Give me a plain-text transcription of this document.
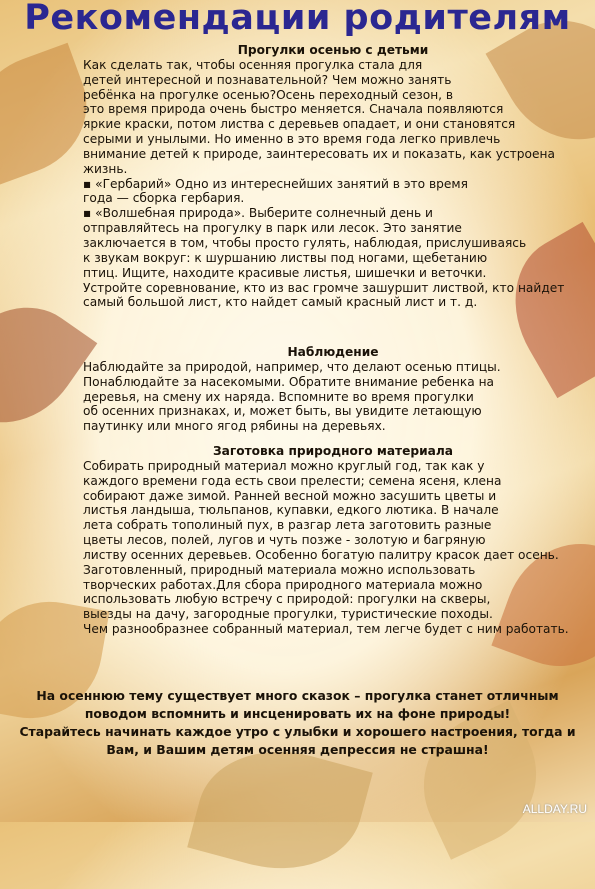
Рекомендации родителям

Прогулки осенью с детьми

Как сделать так, чтобы осенняя прогулка стала для

детей интересной и познавательной? Чем можно занять

ребёнка на прогулке осенью?Осень переходный сезон, в

это время природа очень быстро меняется. Сначала появляются

яркие краски, потом листва с деревьев опадает, и они становятся

серыми и унылыми. Но именно в это время года легко привлечь

внимание детей к природе, заинтересовать их и показать, как устроена

жизнь.

▪ «Гербарий» Одно из интереснейших занятий в это время

года — сборка гербария.

▪ «Волшебная природа». Выберите солнечный день и

отправляйтесь на прогулку в парк или лесок. Это занятие

заключается в том, чтобы просто гулять, наблюдая, прислушиваясь

к звукам вокруг: к шуршанию листвы под ногами, щебетанию

птиц. Ищите, находите красивые листья, шишечки и веточки.

Устройте соревнование, кто из вас громче зашуршит листвой, кто найдет

самый большой лист, кто найдет самый красный лист и т. д.

Наблюдение

Наблюдайте за природой, например, что делают осенью птицы.

Понаблюдайте за насекомыми. Обратите внимание ребенка на

деревья, на смену их наряда. Вспомните во время прогулки

об осенних признаках, и, может быть, вы увидите летающую

паутинку или много ягод рябины на деревьях.

Заготовка природного материала

Собирать природный материал можно круглый год, так как у

каждого времени года есть свои прелести; семена ясеня, клена

собирают даже зимой. Ранней весной можно засушить цветы и

листья ландыша, тюльпанов, купавки, едкого лютика. В начале

лета собрать тополиный пух, в разгар лета заготовить разные

цветы лесов, полей, лугов и чуть позже - золотую и багряную

листву осенних деревьев. Особенно богатую палитру красок дает осень.

Заготовленный, природный материала можно использовать

творческих работах.Для сбора природного материала можно

использовать любую встречу с природой: прогулки на скверы,

выезды на дачу, загородные прогулки, туристические походы.

Чем разнообразнее собранный материал, тем легче будет с ним работать.

На осеннюю тему существует много сказок – прогулка станет отличным

поводом вспомнить и инсценировать их на фоне природы!

Старайтесь начинать каждое утро с улыбки и хорошего настроения, тогда и

Вам, и Вашим детям осенняя депрессия не страшна!

ALLDAY.RU
